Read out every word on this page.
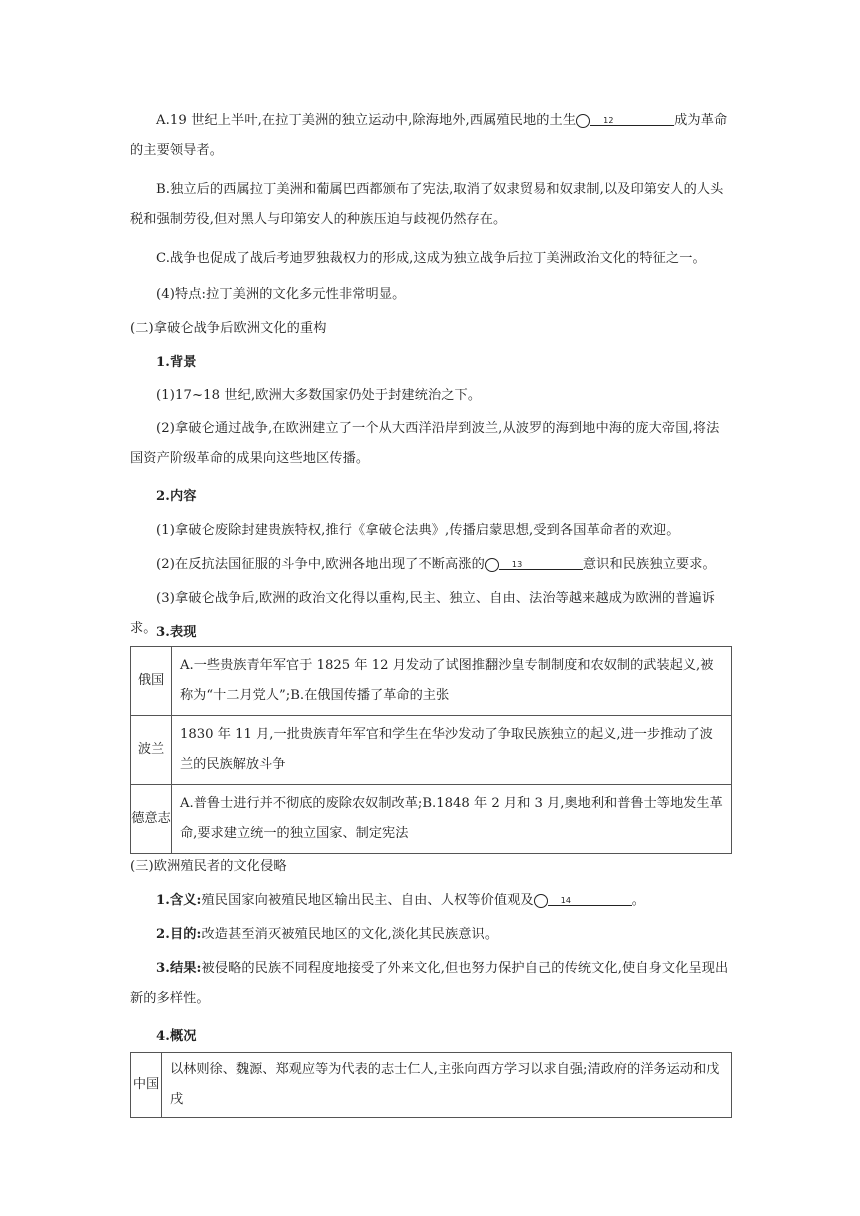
A.19 世纪上半叶,在拉丁美洲的独立运动中,除海地外,西属殖民地的土生	12	成为革命的主要领导者。

B.独立后的西属拉丁美洲和葡属巴西都颁布了宪法,取消了奴隶贸易和奴隶制,以及印第安人的人头税和强制劳役,但对黑人与印第安人的种族压迫与歧视仍然存在。

C.战争也促成了战后考迪罗独裁权力的形成,这成为独立战争后拉丁美洲政治文化的特征之一。

(4)特点:拉丁美洲的文化多元性非常明显。

(二)拿破仑战争后欧洲文化的重构

1.背景

(1)17~18 世纪,欧洲大多数国家仍处于封建统治之下。

(2)拿破仑通过战争,在欧洲建立了一个从大西洋沿岸到波兰,从波罗的海到地中海的庞大帝国,将法国资产阶级革命的成果向这些地区传播。

2.内容

(1)拿破仑废除封建贵族特权,推行《拿破仑法典》,传播启蒙思想,受到各国革命者的欢迎。

(2)在反抗法国征服的斗争中,欧洲各地出现了不断高涨的	13	意识和民族独立要求。

(3)拿破仑战争后,欧洲的政治文化得以重构,民主、独立、自由、法治等越来越成为欧洲的普遍诉求。 3.表现

俄国	A.一些贵族青年军官于 1825 年 12 月发动了试图推翻沙皇专制制度和农奴制的武装起义,被称为“十二月党人”;B.在俄国传播了革命的主张
波兰	1830 年 11 月,一批贵族青年军官和学生在华沙发动了争取民族独立的起义,进一步推动了波兰的民族解放斗争
德意志	A.普鲁士进行并不彻底的废除农奴制改革;B.1848 年 2 月和 3 月,奥地利和普鲁士等地发生革命,要求建立统一的独立国家、制定宪法

(三)欧洲殖民者的文化侵略

1.含义:殖民国家向被殖民地区输出民主、自由、人权等价值观及	14	。

2.目的:改造甚至消灭被殖民地区的文化,淡化其民族意识。

3.结果:被侵略的民族不同程度地接受了外来文化,但也努力保护自己的传统文化,使自身文化呈现出新的多样性。

4.概况

中国	以林则徐、魏源、郑观应等为代表的志士仁人,主张向西方学习以求自强;清政府的洋务运动和戊戌
